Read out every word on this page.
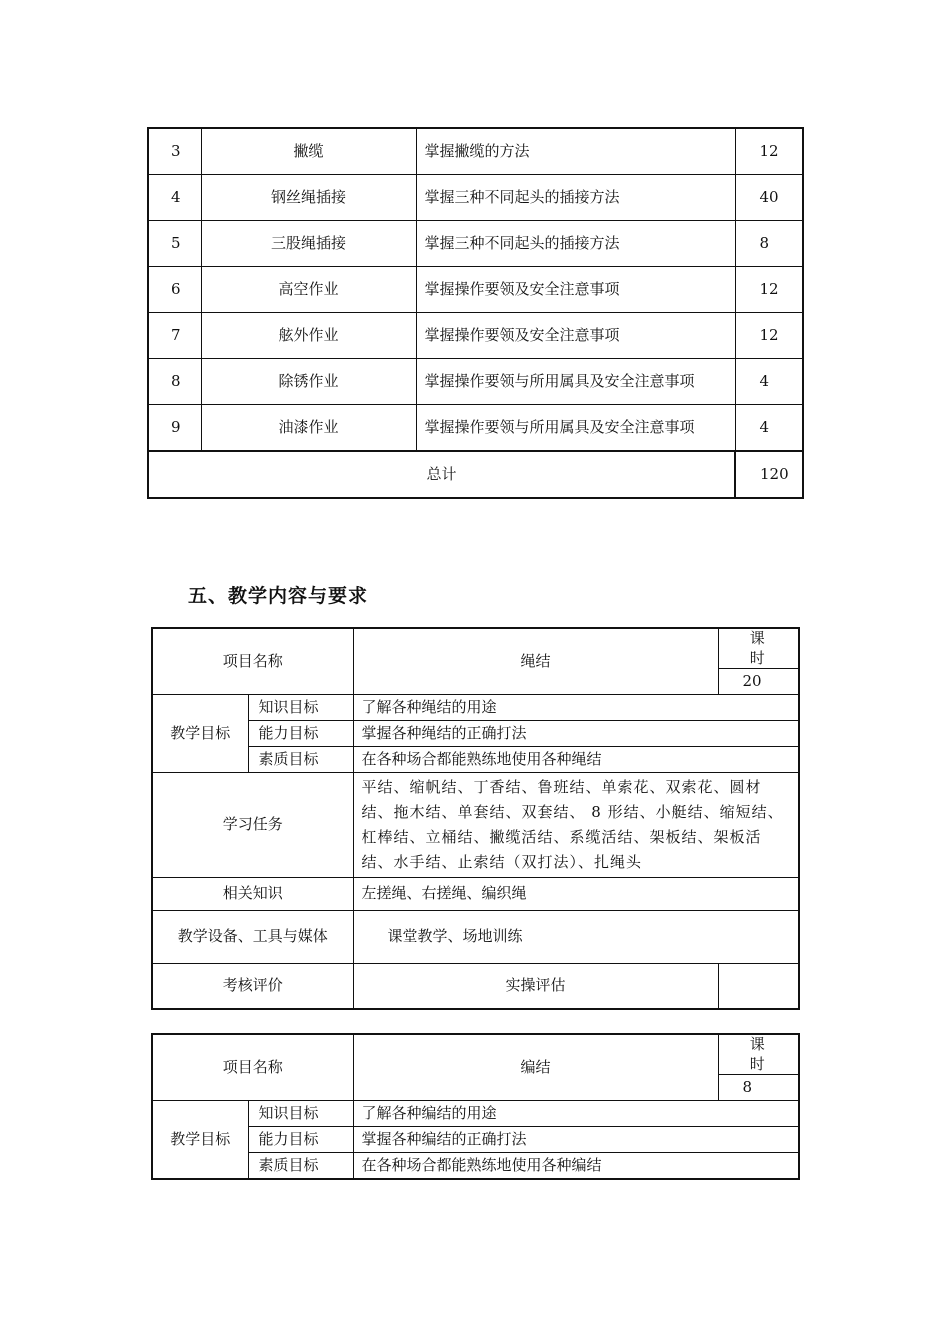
3	撇缆	掌握撇缆的方法	12
4	钢丝绳插接	掌握三种不同起头的插接方法	40
5	三股绳插接	掌握三种不同起头的插接方法	8
6	高空作业	掌握操作要领及安全注意事项	12
7	舷外作业	掌握操作要领及安全注意事项	12
8	除锈作业	掌握操作要领与所用属具及安全注意事项	4
9	油漆作业	掌握操作要领与所用属具及安全注意事项	4
总计			120
五、教学内容与要求
项目名称		绳结	课 时
			20
教学目标	知识目标	了解各种绳结的用途	
	能力目标	掌握各种绳结的正确打法	
	素质目标	在各种场合都能熟练地使用各种绳结	
学习任务		平结、缩帆结、丁香结、鲁班结、单索花、双索花、圆材结、拖木结、单套结、双套结、 8 形结、小艇结、缩短结、杠棒结、立桶结、撇缆活结、系缆活结、架板结、架板活结、水手结、止索结（双打法）、扎绳头	
相关知识		左搓绳、右搓绳、编织绳	
教学设备、工具与媒体		课堂教学、场地训练	
考核评价		实操评估	
项目名称		编结	课 时
			8
教学目标	知识目标	了解各种编结的用途	
	能力目标	掌握各种编结的正确打法	
	素质目标	在各种场合都能熟练地使用各种编结	
